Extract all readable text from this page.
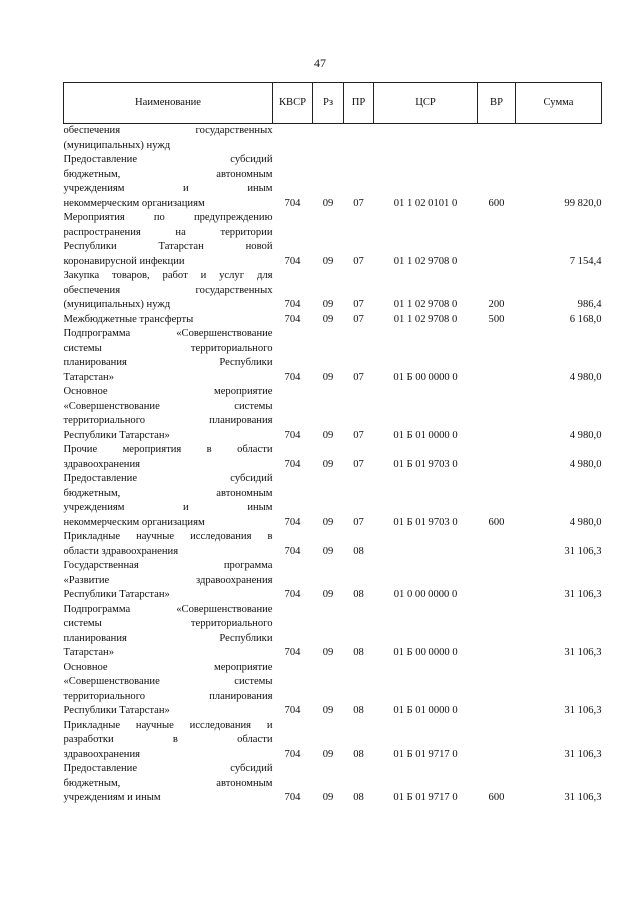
47
Наименование	КВСР	Рз	ПР	ЦСР	ВР	Сумма

обеспечения государственных
(муниципальных) нужд						

Предоставление субсидий
бюджетным, автономным
учреждениям и иным
некоммерческим организациям	704	09	07	01 1 02 0101 0	600	99 820,0

Мероприятия по предупреждению
распространения на территории
Республики Татарстан новой
коронавирусной инфекции	704	09	07	01 1 02 9708 0		7 154,4

Закупка товаров, работ и услуг для
обеспечения государственных
(муниципальных) нужд	704	09	07	01 1 02 9708 0	200	986,4

Межбюджетные трансферты	704	09	07	01 1 02 9708 0	500	6 168,0

Подпрограмма «Совершенствование
системы территориального
планирования Республики
Татарстан»	704	09	07	01 Б 00 0000 0		4 980,0

Основное мероприятие
«Совершенствование системы
территориального планирования
Республики Татарстан»	704	09	07	01 Б 01 0000 0		4 980,0

Прочие мероприятия в области
здравоохранения	704	09	07	01 Б 01 9703 0		4 980,0

Предоставление субсидий
бюджетным, автономным
учреждениям и иным
некоммерческим организациям	704	09	07	01 Б 01 9703 0	600	4 980,0

Прикладные научные исследования в
области здравоохранения	704	09	08			31 106,3

Государственная программа
«Развитие здравоохранения
Республики Татарстан»	704	09	08	01 0 00 0000 0		31 106,3

Подпрограмма «Совершенствование
системы территориального
планирования Республики
Татарстан»	704	09	08	01 Б 00 0000 0		31 106,3

Основное мероприятие
«Совершенствование системы
территориального планирования
Республики Татарстан»	704	09	08	01 Б 01 0000 0		31 106,3

Прикладные научные исследования и
разработки в области
здравоохранения	704	09	08	01 Б 01 9717 0		31 106,3

Предоставление субсидий
бюджетным, автономным
учреждениям и иным	704	09	08	01 Б 01 9717 0	600	31 106,3
